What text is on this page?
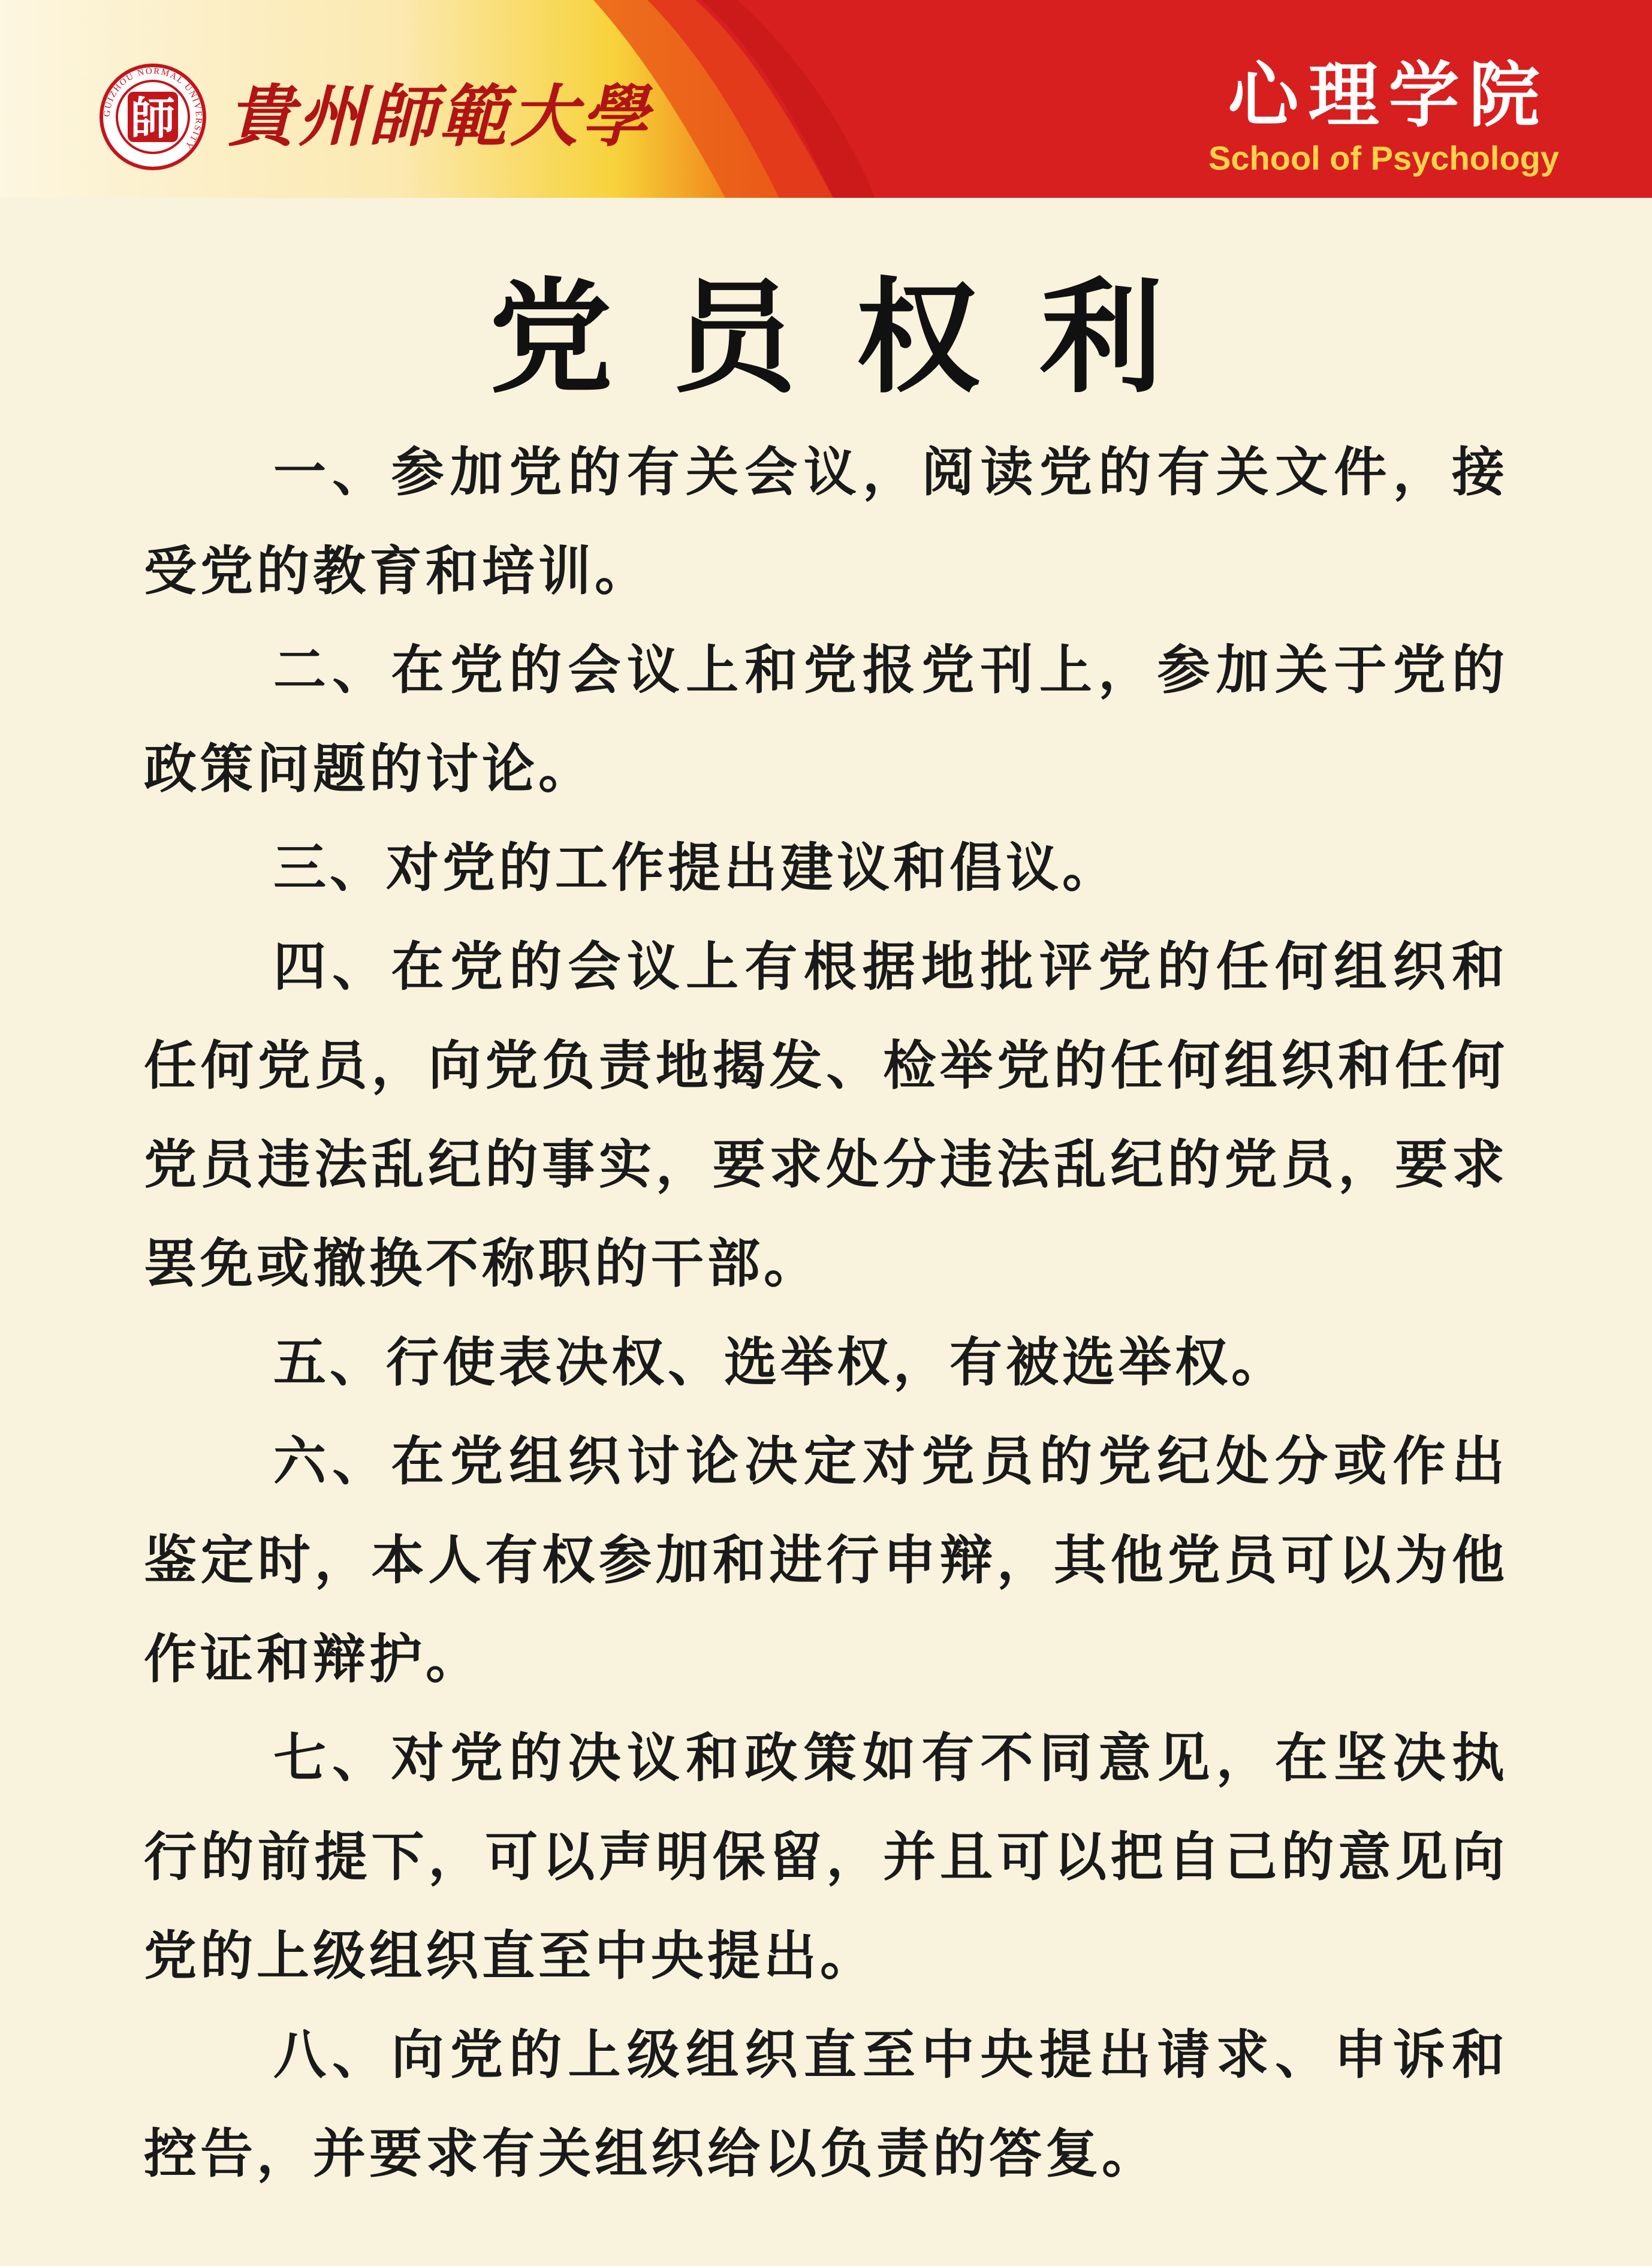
GUIZHOU NORMAL UNIVERSITY
師 貴州師範大學	心理学院
School of Psychology
党员权利

一、参加党的有关会议，阅读党的有关文件，接受党的教育和培训。

二、在党的会议上和党报党刊上，参加关于党的政策问题的讨论。

三、对党的工作提出建议和倡议。

四、在党的会议上有根据地批评党的任何组织和任何党员，向党负责地揭发、检举党的任何组织和任何党员违法乱纪的事实，要求处分违法乱纪的党员，要求罢免或撤换不称职的干部。

五、行使表决权、选举权，有被选举权。

六、在党组织讨论决定对党员的党纪处分或作出鉴定时，本人有权参加和进行申辩，其他党员可以为他作证和辩护。

七、对党的决议和政策如有不同意见，在坚决执行的前提下，可以声明保留，并且可以把自己的意见向党的上级组织直至中央提出。

八、向党的上级组织直至中央提出请求、申诉和控告，并要求有关组织给以负责的答复。
